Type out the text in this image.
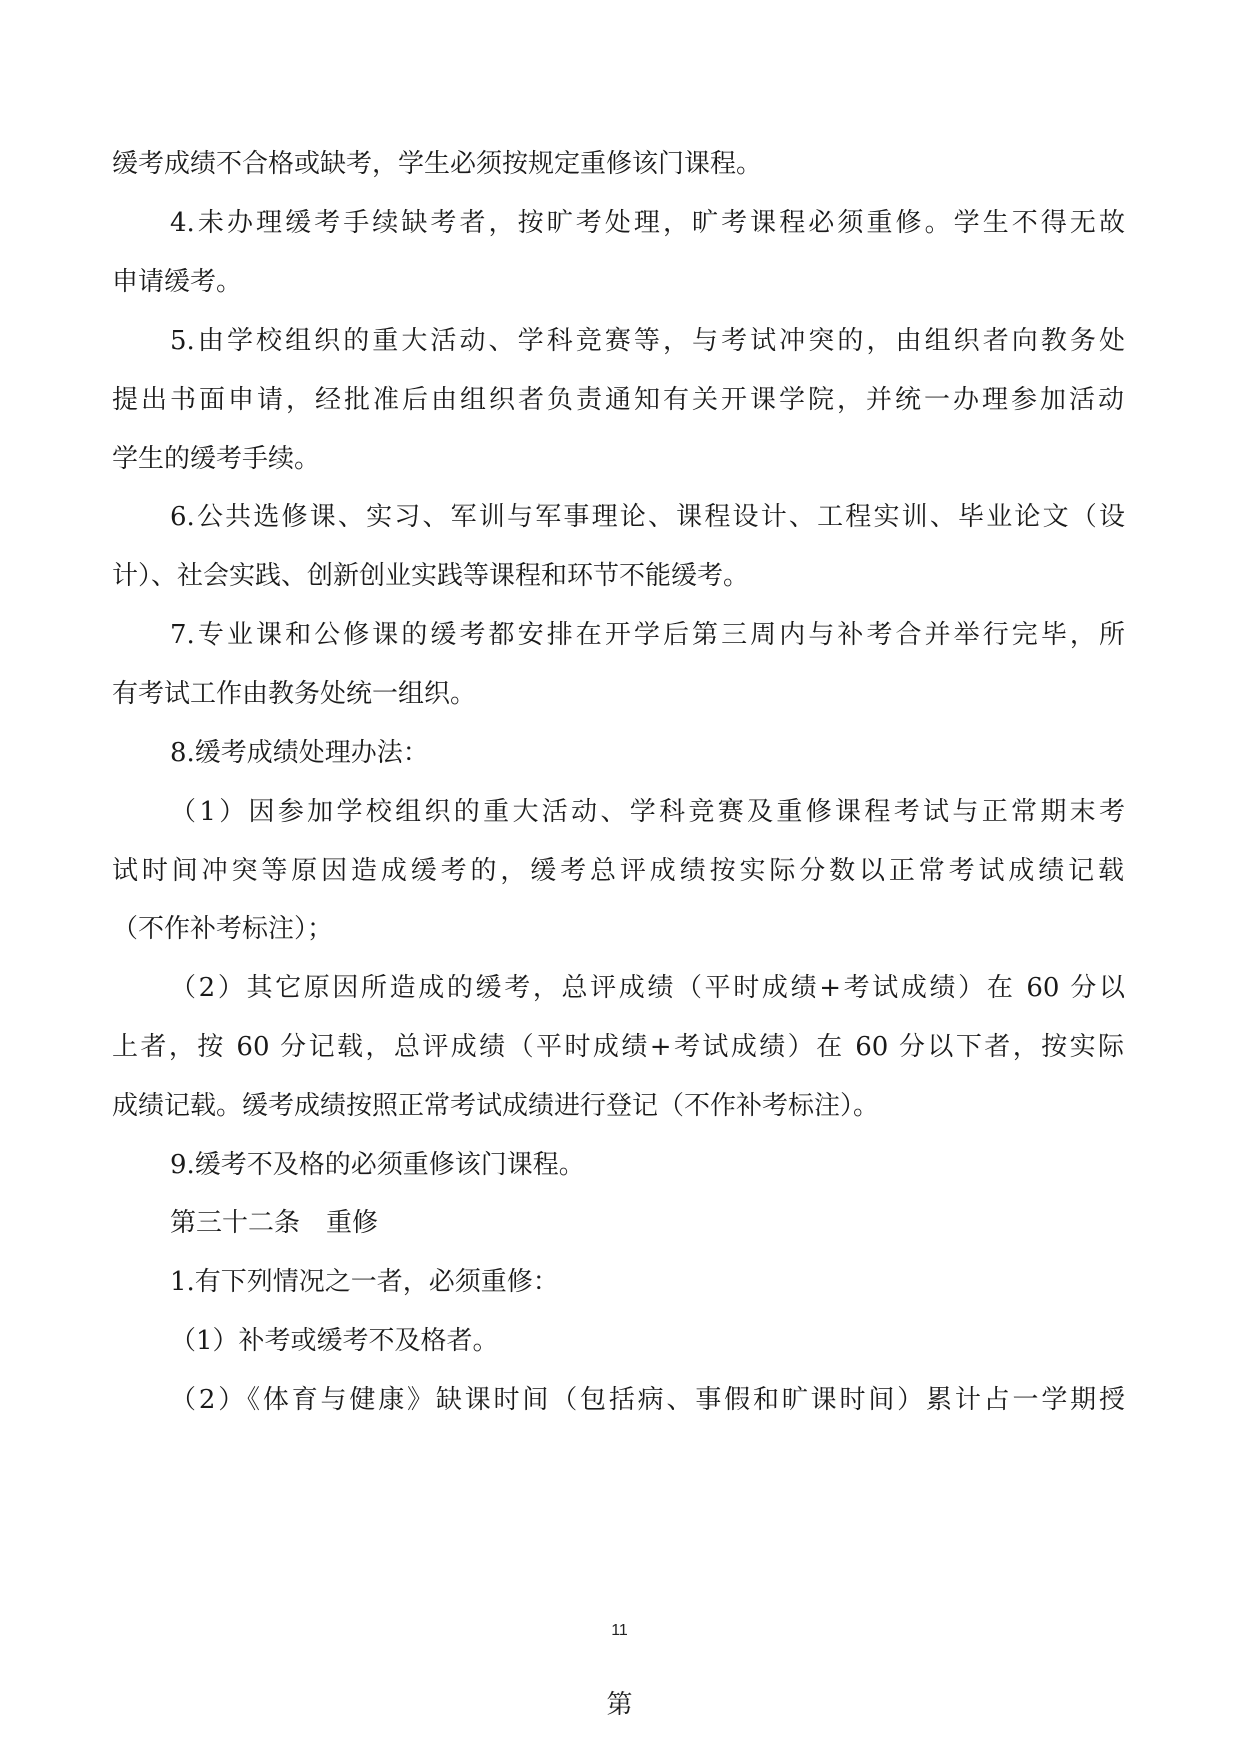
缓考成绩不合格或缺考，学生必须按规定重修该门课程。
4.未办理缓考手续缺考者，按旷考处理，旷考课程必须重修。学生不得无故
申请缓考。
5.由学校组织的重大活动、学科竞赛等，与考试冲突的，由组织者向教务处
提出书面申请，经批准后由组织者负责通知有关开课学院，并统一办理参加活动
学生的缓考手续。
6.公共选修课、实习、军训与军事理论、课程设计、工程实训、毕业论文（设
计）、社会实践、创新创业实践等课程和环节不能缓考。
7.专业课和公修课的缓考都安排在开学后第三周内与补考合并举行完毕，所
有考试工作由教务处统一组织。
8.缓考成绩处理办法：
（1）因参加学校组织的重大活动、学科竞赛及重修课程考试与正常期末考
试时间冲突等原因造成缓考的，缓考总评成绩按实际分数以正常考试成绩记载
（不作补考标注）；
（2）其它原因所造成的缓考，总评成绩（平时成绩+考试成绩）在 60 分以
上者，按 60 分记载，总评成绩（平时成绩+考试成绩）在 60 分以下者，按实际
成绩记载。缓考成绩按照正常考试成绩进行登记（不作补考标注）。
9.缓考不及格的必须重修该门课程。
第三十二条　重修
1.有下列情况之一者，必须重修：
（1）补考或缓考不及格者。
（2）《体育与健康》缺课时间（包括病、事假和旷课时间）累计占一学期授
11
第
